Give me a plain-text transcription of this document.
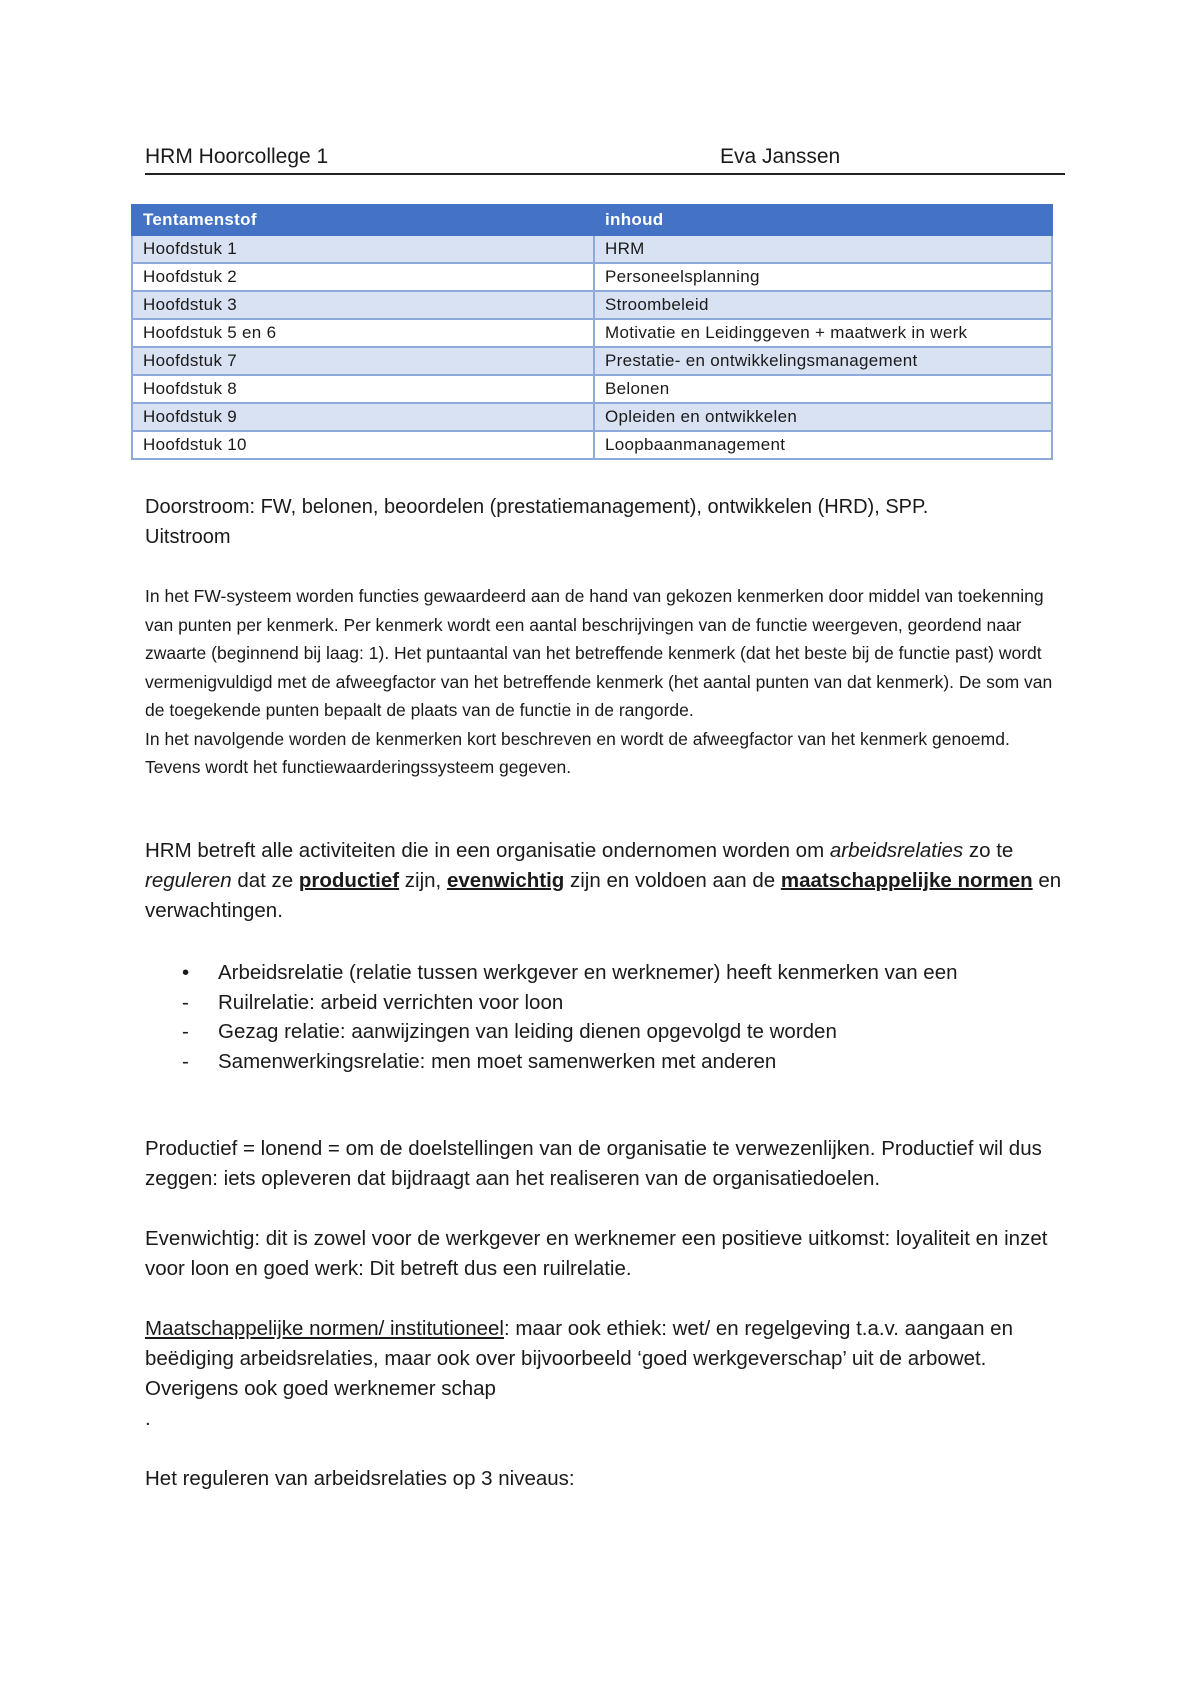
HRM Hoorcollege 1	Eva Janssen
Tentamenstof	inhoud
Hoofdstuk 1	HRM
Hoofdstuk 2	Personeelsplanning
Hoofdstuk 3	Stroombeleid
Hoofdstuk 5 en 6	Motivatie en Leidinggeven + maatwerk in werk
Hoofdstuk 7	Prestatie- en ontwikkelingsmanagement
Hoofdstuk 8	Belonen
Hoofdstuk 9	Opleiden en ontwikkelen
Hoofdstuk 10	Loopbaanmanagement

Doorstroom: FW, belonen, beoordelen (prestatiemanagement), ontwikkelen (HRD), SPP.
Uitstroom

In het FW-systeem worden functies gewaardeerd aan de hand van gekozen kenmerken door middel van toekenning van punten per kenmerk. Per kenmerk wordt een aantal beschrijvingen van de functie weergeven, geordend naar zwaarte (beginnend bij laag: 1). Het puntaantal van het betreffende kenmerk (dat het beste bij de functie past) wordt vermenigvuldigd met de afweegfactor van het betreffende kenmerk (het aantal punten van dat kenmerk). De som van de toegekende punten bepaalt de plaats van de functie in de rangorde.
In het navolgende worden de kenmerken kort beschreven en wordt de afweegfactor van het kenmerk genoemd. Tevens wordt het functiewaarderingssysteem gegeven.

HRM betreft alle activiteiten die in een organisatie ondernomen worden om arbeidsrelaties zo te reguleren dat ze productief zijn, evenwichtig zijn en voldoen aan de maatschappelijke normen en verwachtingen.

• Arbeidsrelatie (relatie tussen werkgever en werknemer) heeft kenmerken van een
- Ruilrelatie: arbeid verrichten voor loon
- Gezag relatie: aanwijzingen van leiding dienen opgevolgd te worden
- Samenwerkingsrelatie: men moet samenwerken met anderen

Productief = lonend = om de doelstellingen van de organisatie te verwezenlijken. Productief wil dus zeggen: iets opleveren dat bijdraagt aan het realiseren van de organisatiedoelen.

Evenwichtig: dit is zowel voor de werkgever en werknemer een positieve uitkomst: loyaliteit en inzet voor loon en goed werk: Dit betreft dus een ruilrelatie.

Maatschappelijke normen/ institutioneel: maar ook ethiek: wet/ en regelgeving t.a.v. aangaan en beëdiging arbeidsrelaties, maar ook over bijvoorbeeld ‘goed werkgeverschap’ uit de arbowet. Overigens ook goed werknemer schap

.

Het reguleren van arbeidsrelaties op 3 niveaus:
